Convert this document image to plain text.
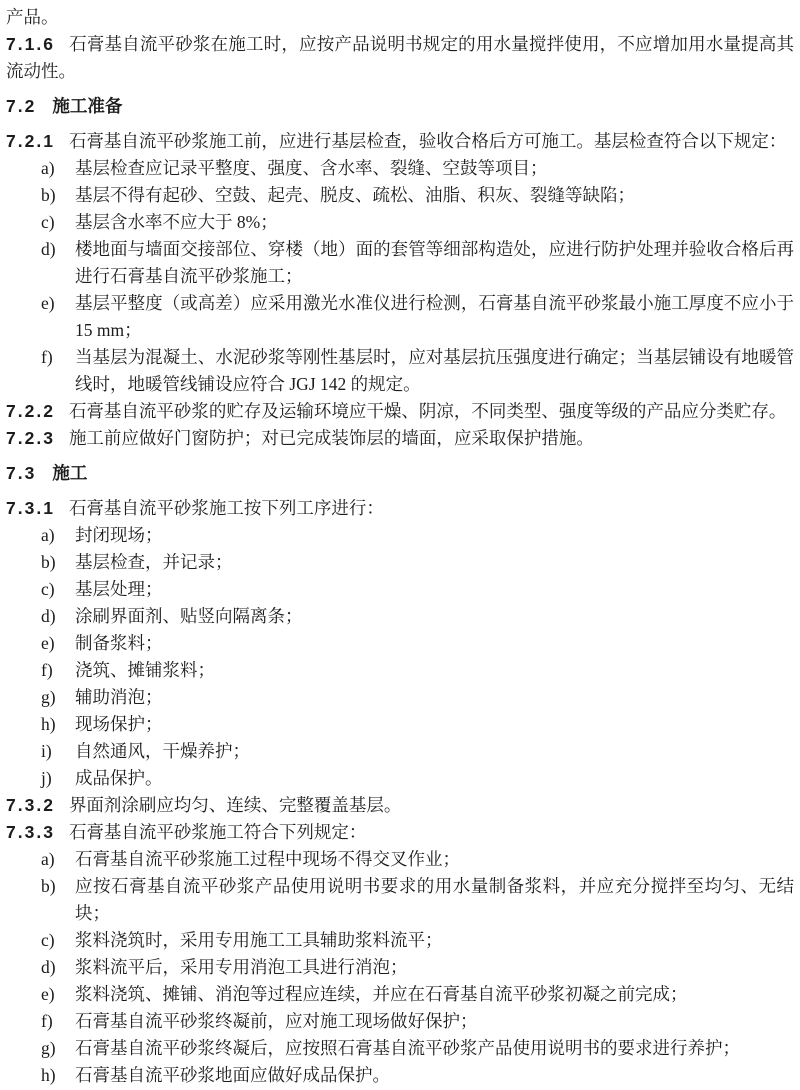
产品。

7.1.6 石膏基自流平砂浆在施工时，应按产品说明书规定的用水量搅拌使用，不应增加用水量提高其流动性。

7.2 施工准备

7.2.1 石膏基自流平砂浆施工前，应进行基层检查，验收合格后方可施工。基层检查符合以下规定：

a) 基层检查应记录平整度、强度、含水率、裂缝、空鼓等项目；
b) 基层不得有起砂、空鼓、起壳、脱皮、疏松、油脂、积灰、裂缝等缺陷；
c) 基层含水率不应大于 8%；
d) 楼地面与墙面交接部位、穿楼（地）面的套管等细部构造处，应进行防护处理并验收合格后再进行石膏基自流平砂浆施工；
e) 基层平整度（或高差）应采用激光水准仪进行检测，石膏基自流平砂浆最小施工厚度不应小于 15 mm；
f) 当基层为混凝土、水泥砂浆等刚性基层时，应对基层抗压强度进行确定；当基层铺设有地暖管线时，地暖管线铺设应符合 JGJ 142 的规定。

7.2.2 石膏基自流平砂浆的贮存及运输环境应干燥、阴凉，不同类型、强度等级的产品应分类贮存。

7.2.3 施工前应做好门窗防护；对已完成装饰层的墙面，应采取保护措施。

7.3 施工

7.3.1 石膏基自流平砂浆施工按下列工序进行：

a) 封闭现场；
b) 基层检查，并记录；
c) 基层处理；
d) 涂刷界面剂、贴竖向隔离条；
e) 制备浆料；
f) 浇筑、摊铺浆料；
g) 辅助消泡；
h) 现场保护；
i) 自然通风，干燥养护；
j) 成品保护。

7.3.2 界面剂涂刷应均匀、连续、完整覆盖基层。

7.3.3 石膏基自流平砂浆施工符合下列规定：

a) 石膏基自流平砂浆施工过程中现场不得交叉作业；
b) 应按石膏基自流平砂浆产品使用说明书要求的用水量制备浆料，并应充分搅拌至均匀、无结块；
c) 浆料浇筑时，采用专用施工工具辅助浆料流平；
d) 浆料流平后，采用专用消泡工具进行消泡；
e) 浆料浇筑、摊铺、消泡等过程应连续，并应在石膏基自流平砂浆初凝之前完成；
f) 石膏基自流平砂浆终凝前，应对施工现场做好保护；
g) 石膏基自流平砂浆终凝后，应按照石膏基自流平砂浆产品使用说明书的要求进行养护；
h) 石膏基自流平砂浆地面应做好成品保护。
